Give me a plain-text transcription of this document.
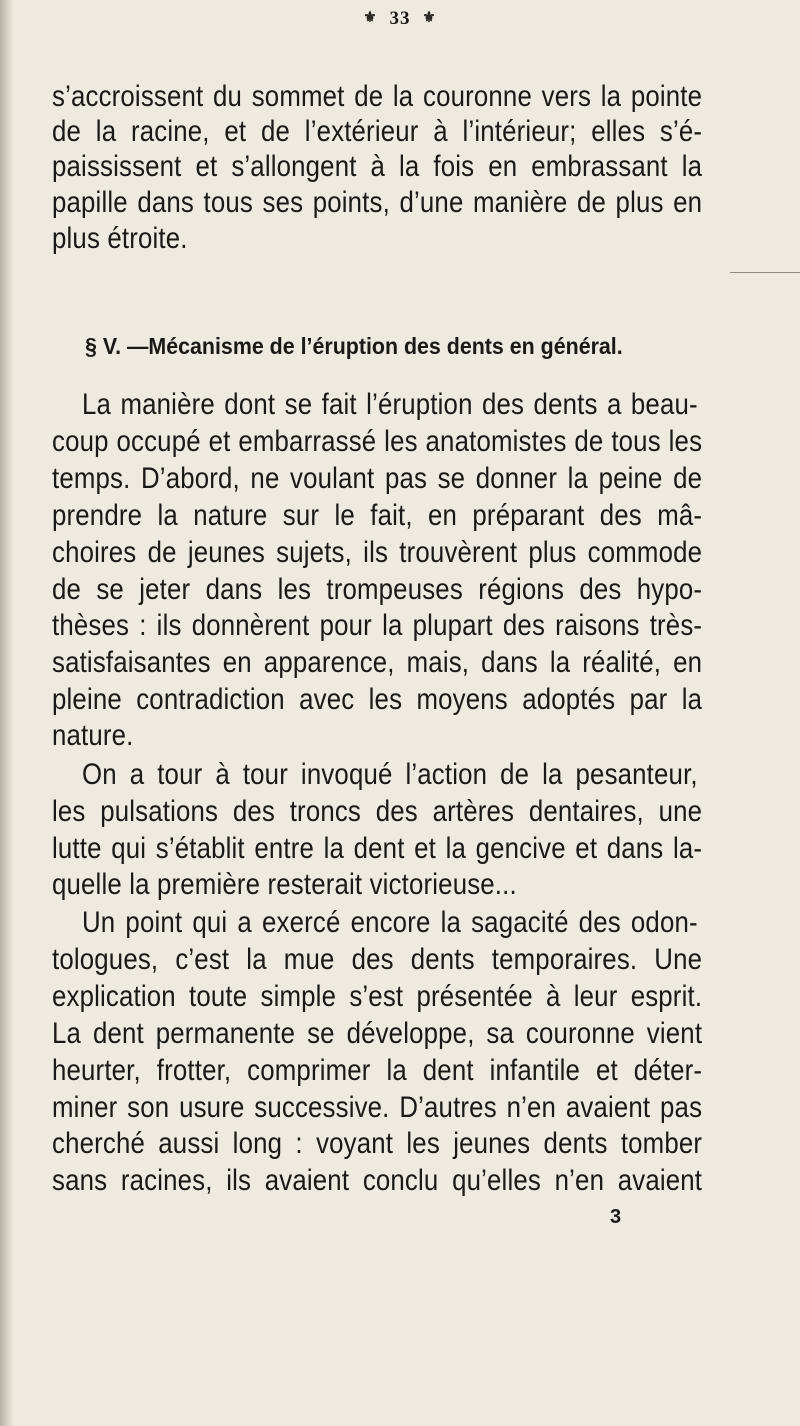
⚜ 33 ⚜
s’accroissent du sommet de la couronne vers la pointe
de la racine, et de l’extérieur à l’intérieur; elles s’é-
paississent et s’allongent à la fois en embrassant la
papille dans tous ses points, d’une manière de plus en
plus étroite.
§ V. —Mécanisme de l’éruption des dents en général.
La manière dont se fait l’éruption des dents a beau-
coup occupé et embarrassé les anatomistes de tous les
temps. D’abord, ne voulant pas se donner la peine de
prendre la nature sur le fait, en préparant des mâ-
choires de jeunes sujets, ils trouvèrent plus commode
de se jeter dans les trompeuses régions des hypo-
thèses : ils donnèrent pour la plupart des raisons très-
satisfaisantes en apparence, mais, dans la réalité, en
pleine contradiction avec les moyens adoptés par la
nature.
On a tour à tour invoqué l’action de la pesanteur,
les pulsations des troncs des artères dentaires, une
lutte qui s’établit entre la dent et la gencive et dans la-
quelle la première resterait victorieuse...
Un point qui a exercé encore la sagacité des odon-
tologues, c’est la mue des dents temporaires. Une
explication toute simple s’est présentée à leur esprit.
La dent permanente se développe, sa couronne vient
heurter, frotter, comprimer la dent infantile et déter-
miner son usure successive. D’autres n’en avaient pas
cherché aussi long : voyant les jeunes dents tomber
sans racines, ils avaient conclu qu’elles n’en avaient
3
